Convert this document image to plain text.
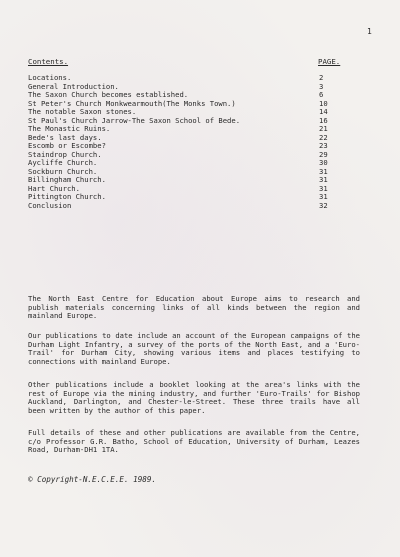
1
Contents.	PAGE.
Locations.	2
General Introduction.	3
The Saxon Church becomes established.	6
St Peter's Church Monkwearmouth(The Monks Town.)	10
The notable Saxon stones.	14
St Paul's Church Jarrow-The Saxon School of Bede.	16
The Monastic Ruins.	21
Bede's last days.	22
Escomb or Escombe?	23
Staindrop Church.	29
Aycliffe Church.	30
Sockburn Church.	31
Billingham Church.	31
Hart Church.	31
Pittington Church.	31
Conclusion	32

The North East Centre for Education about Europe aims to research and publish materials concerning links of all kinds between the region and mainland Europe.

Our publications to date include an account of the European campaigns of the Durham Light Infantry, a survey of the ports of the North East, and a 'Euro-Trail' for Durham City, showing various items and places testifying to connections with mainland Europe.

Other publications include a booklet looking at the area's links with the rest of Europe via the mining industry, and further 'Euro-Trails' for Bishop Auckland, Darlington, and Chester-le-Street. These three trails have all been written by the author of this paper.

Full details of these and other publications are available from the Centre, c/o Professor G.R. Batho, School of Education, University of Durham, Leazes Road, Durham-DH1 1TA.

© Copyright-N.E.C.E.E. 1989.
